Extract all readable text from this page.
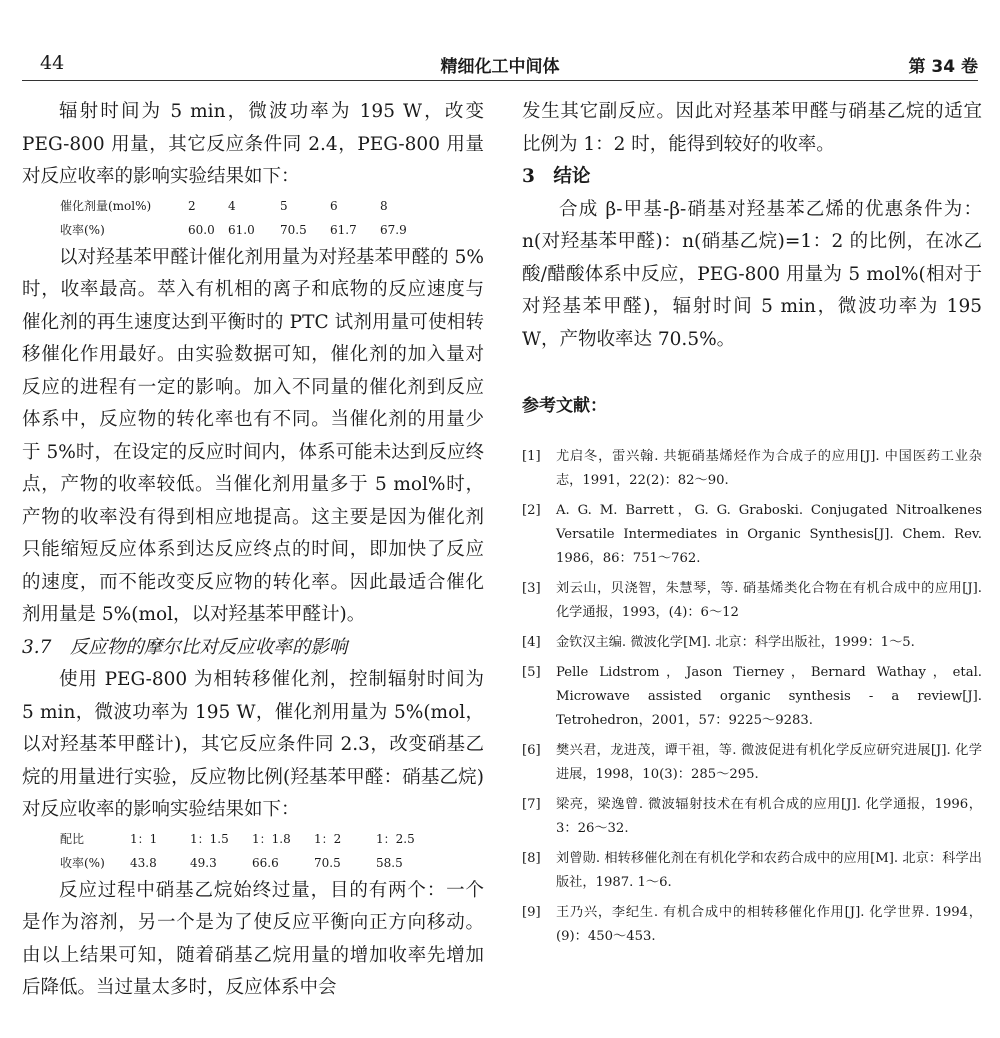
44	精细化工中间体	第 34 卷

辐射时间为 5 min，微波功率为 195 W，改变 PEG-800 用量，其它反应条件同 2.4，PEG-800 用量对反应收率的影响实验结果如下：

催化剂量(mol%)	2	4	5	6	8
收率(%)	60.0	61.0	70.5	61.7	67.9

以对羟基苯甲醛计催化剂用量为对羟基苯甲醛的 5%时，收率最高。萃入有机相的离子和底物的反应速度与催化剂的再生速度达到平衡时的 PTC 试剂用量可使相转移催化作用最好。由实验数据可知，催化剂的加入量对反应的进程有一定的影响。加入不同量的催化剂到反应体系中，反应物的转化率也有不同。当催化剂的用量少于 5%时，在设定的反应时间内，体系可能未达到反应终点，产物的收率较低。当催化剂用量多于 5 mol%时，产物的收率没有得到相应地提高。这主要是因为催化剂只能缩短反应体系到达反应终点的时间，即加快了反应的速度，而不能改变反应物的转化率。因此最适合催化剂用量是 5%(mol，以对羟基苯甲醛计)。

3.7　反应物的摩尔比对反应收率的影响

使用 PEG-800 为相转移催化剂，控制辐射时间为 5 min，微波功率为 195 W，催化剂用量为 5%(mol，以对羟基苯甲醛计)，其它反应条件同 2.3，改变硝基乙烷的用量进行实验，反应物比例(羟基苯甲醛：硝基乙烷)对反应收率的影响实验结果如下：

配比	1：1	1：1.5	1：1.8	1：2	1：2.5
收率(%)	43.8	49.3	66.6	70.5	58.5

反应过程中硝基乙烷始终过量，目的有两个：一个是作为溶剂，另一个是为了使反应平衡向正方向移动。由以上结果可知，随着硝基乙烷用量的增加收率先增加后降低。当过量太多时，反应体系中会

发生其它副反应。因此对羟基苯甲醛与硝基乙烷的适宜比例为 1：2 时，能得到较好的收率。

3　结论

合成 β-甲基-β-硝基对羟基苯乙烯的优惠条件为：n(对羟基苯甲醛)：n(硝基乙烷)=1：2 的比例，在冰乙酸/醋酸体系中反应，PEG-800 用量为 5 mol%(相对于对羟基苯甲醛)，辐射时间 5 min，微波功率为 195 W，产物收率达 70.5%。

参考文献：
[1]	尤启冬，雷兴翰. 共轭硝基烯烃作为合成子的应用[J]. 中国医药工业杂志，1991，22(2)：82～90.
[2]	A. G. M. Barrett，G. G. Graboski. Conjugated Nitroalkenes Versatile Intermediates in Organic Synthesis[J]. Chem. Rev. 1986，86：751～762.
[3]	刘云山，贝浇智，朱慧琴，等. 硝基烯类化合物在有机合成中的应用[J]. 化学通报，1993，(4)：6～12
[4]	金钦汉主编. 微波化学[M]. 北京：科学出版社，1999：1～5.
[5]	Pelle Lidstrom，Jason Tierney，Bernard Wathay，etal. Microwave assisted organic synthesis - a review[J]. Tetrohedron，2001，57：9225～9283.
[6]	樊兴君，龙进茂，谭干祖，等. 微波促进有机化学反应研究进展[J]. 化学进展，1998，10(3)：285～295.
[7]	梁亮，梁逸曾. 微波辐射技术在有机合成的应用[J]. 化学通报，1996，3：26～32.
[8]	刘曾勋. 相转移催化剂在有机化学和农药合成中的应用[M]. 北京：科学出版社，1987. 1～6.
[9]	王乃兴，李纪生. 有机合成中的相转移催化作用[J]. 化学世界. 1994，(9)：450～453.
